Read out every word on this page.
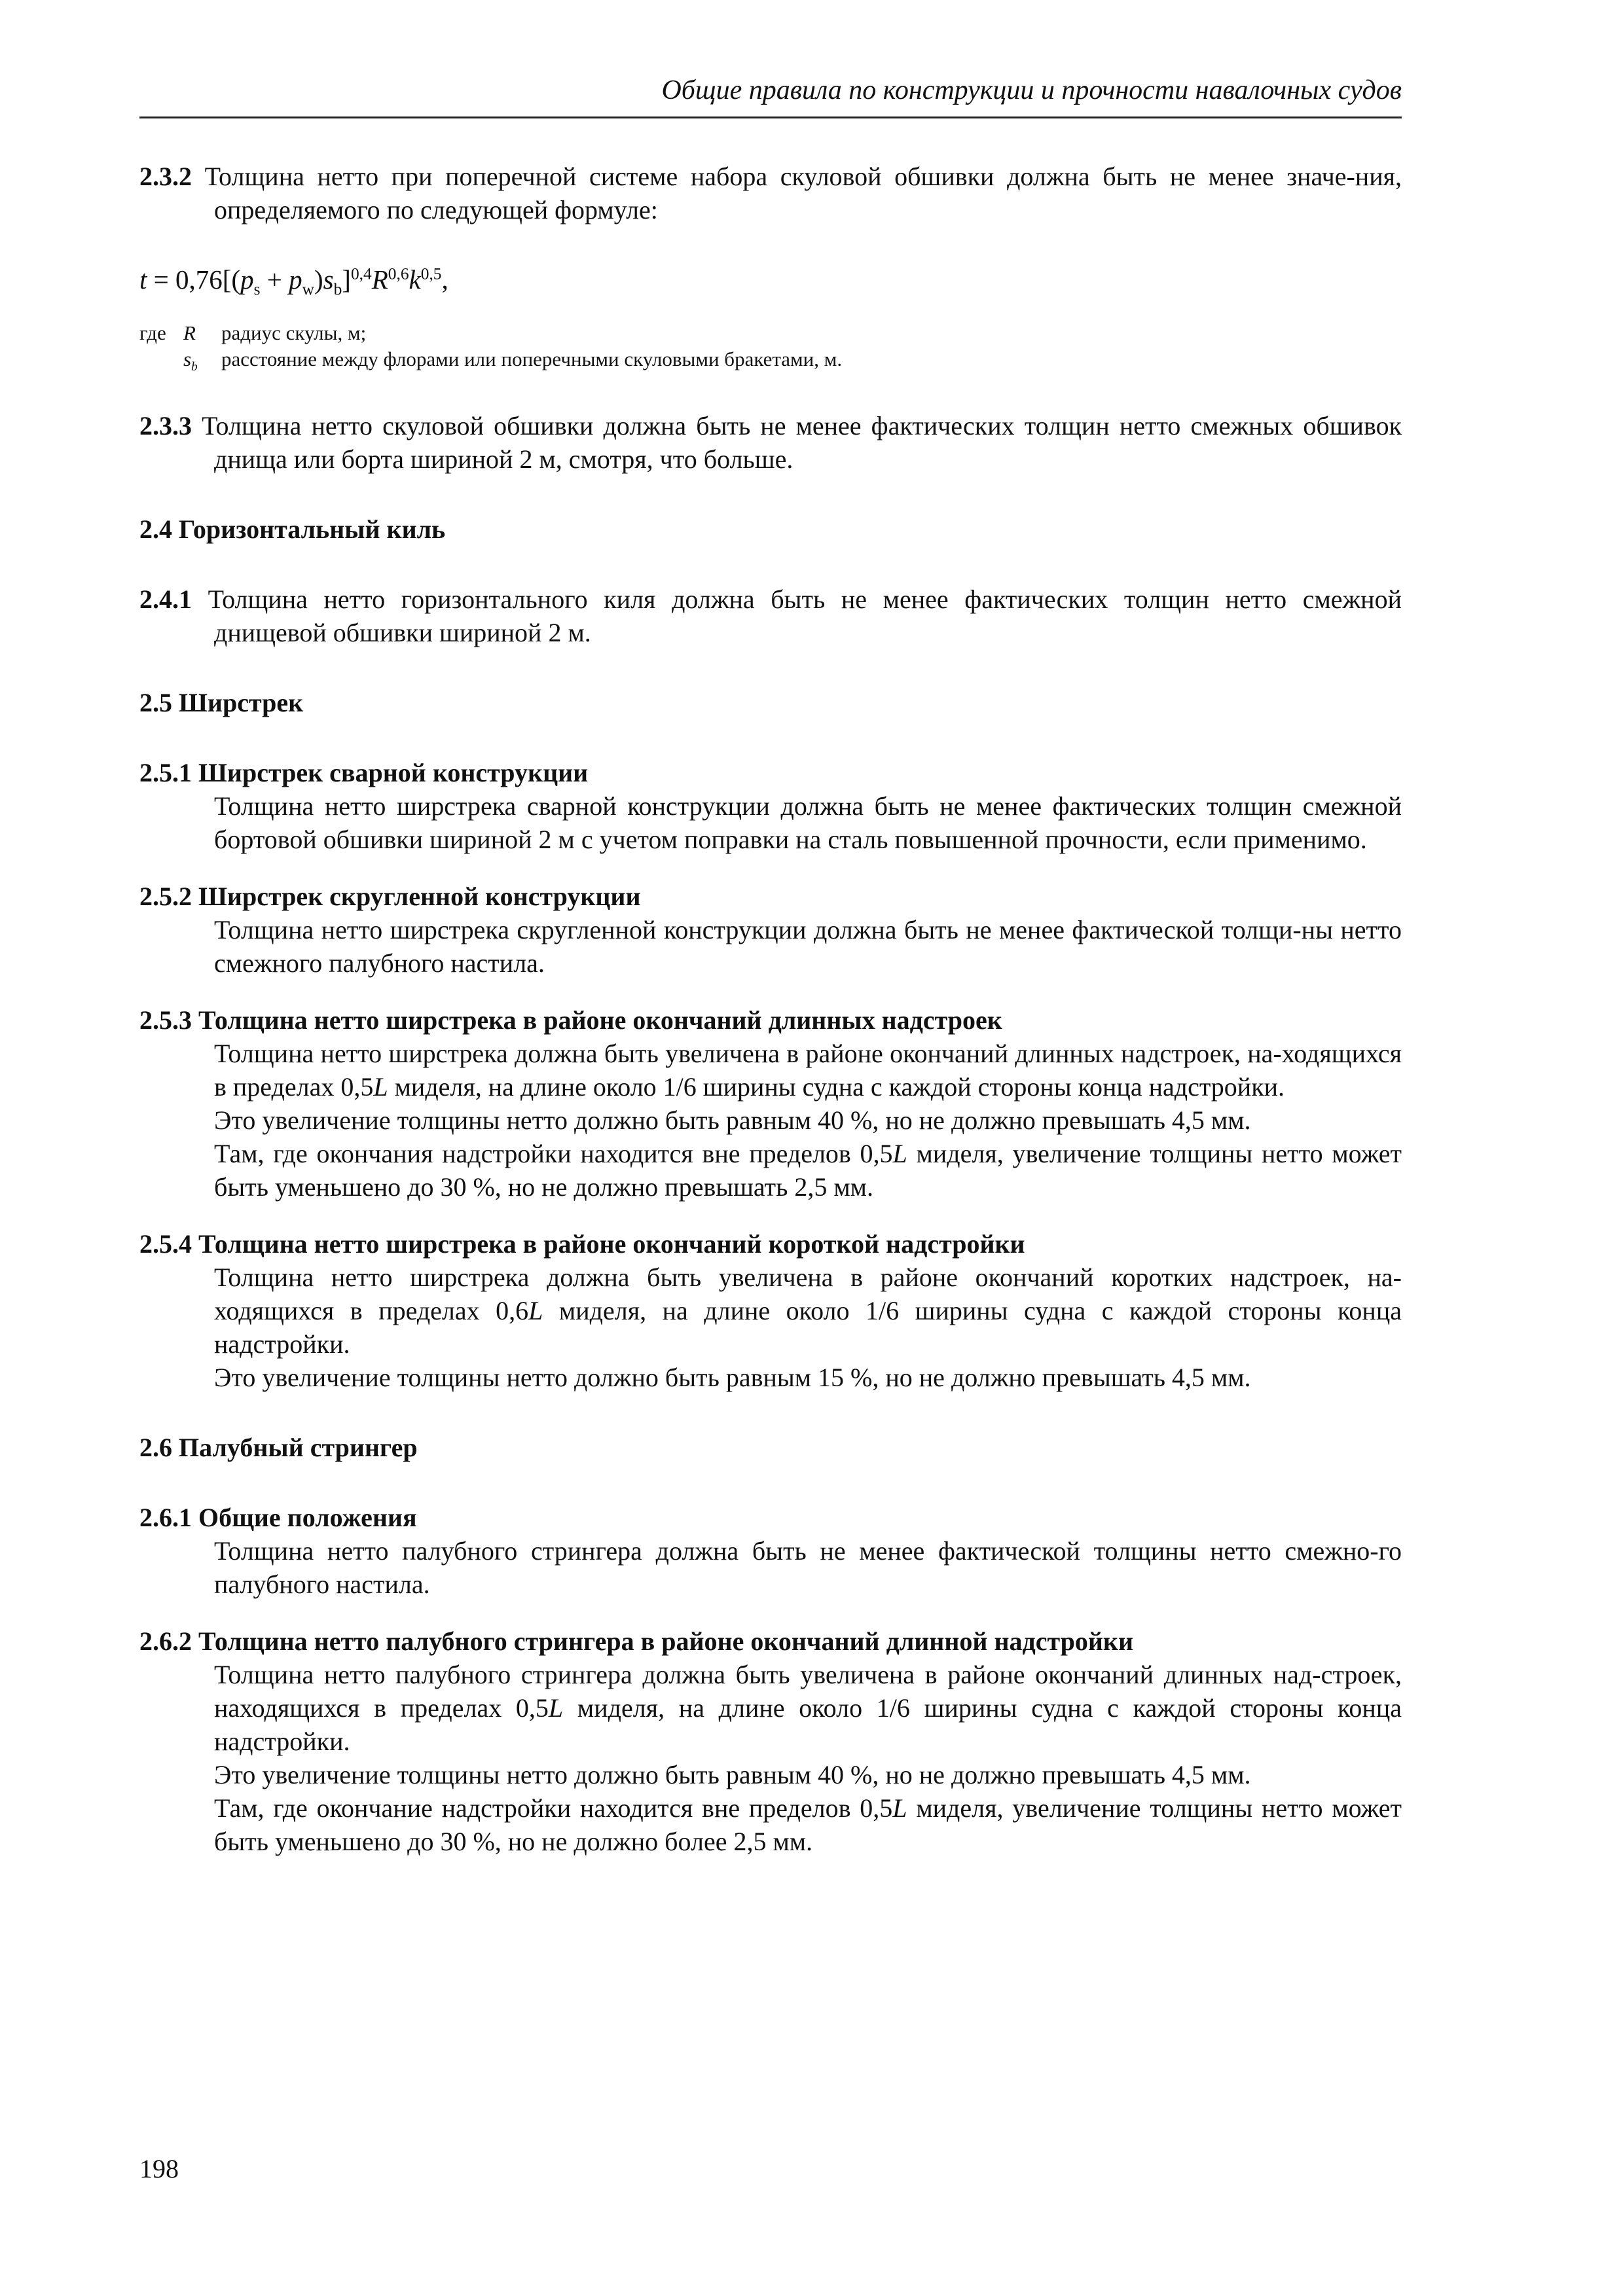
Общие правила по конструкции и прочности навалочных судов

2.3.2 Толщина нетто при поперечной системе набора скуловой обшивки должна быть не менее значе-ния, определяемого по следующей формуле:

$t = 0,76[(p_s + p_w)s_b]^{0,4}R^{0,6}k^{0,5}$,

где R	радиус скулы, м;
$s_b$	расстояние между флорами или поперечными скуловыми бракетами, м.

2.3.3 Толщина нетто скуловой обшивки должна быть не менее фактических толщин нетто смежных обшивок днища или борта шириной 2 м, смотря, что больше.

2.4 Горизонтальный киль

2.4.1 Толщина нетто горизонтального киля должна быть не менее фактических толщин нетто смежной днищевой обшивки шириной 2 м.

2.5 Ширстрек

2.5.1 Ширстрек сварной конструкции

Толщина нетто ширстрека сварной конструкции должна быть не менее фактических толщин смежной бортовой обшивки шириной 2 м с учетом поправки на сталь повышенной прочности, если применимо.

2.5.2 Ширстрек скругленной конструкции

Толщина нетто ширстрека скругленной конструкции должна быть не менее фактической толщи-ны нетто смежного палубного настила.

2.5.3 Толщина нетто ширстрека в районе окончаний длинных надстроек

Толщина нетто ширстрека должна быть увеличена в районе окончаний длинных надстроек, на-ходящихся в пределах 0,5L миделя, на длине около 1/6 ширины судна с каждой стороны конца надстройки.

Это увеличение толщины нетто должно быть равным 40 %, но не должно превышать 4,5 мм.

Там, где окончания надстройки находится вне пределов 0,5L миделя, увеличение толщины нетто может быть уменьшено до 30 %, но не должно превышать 2,5 мм.

2.5.4 Толщина нетто ширстрека в районе окончаний короткой надстройки

Толщина нетто ширстрека должна быть увеличена в районе окончаний коротких надстроек, на-ходящихся в пределах 0,6L миделя, на длине около 1/6 ширины судна с каждой стороны конца надстройки.

Это увеличение толщины нетто должно быть равным 15 %, но не должно превышать 4,5 мм.

2.6 Палубный стрингер

2.6.1 Общие положения

Толщина нетто палубного стрингера должна быть не менее фактической толщины нетто смежно-го палубного настила.

2.6.2 Толщина нетто палубного стрингера в районе окончаний длинной надстройки

Толщина нетто палубного стрингера должна быть увеличена в районе окончаний длинных над-строек, находящихся в пределах 0,5L миделя, на длине около 1/6 ширины судна с каждой стороны конца надстройки.

Это увеличение толщины нетто должно быть равным 40 %, но не должно превышать 4,5 мм.

Там, где окончание надстройки находится вне пределов 0,5L миделя, увеличение толщины нетто может быть уменьшено до 30 %, но не должно более 2,5 мм.

198
